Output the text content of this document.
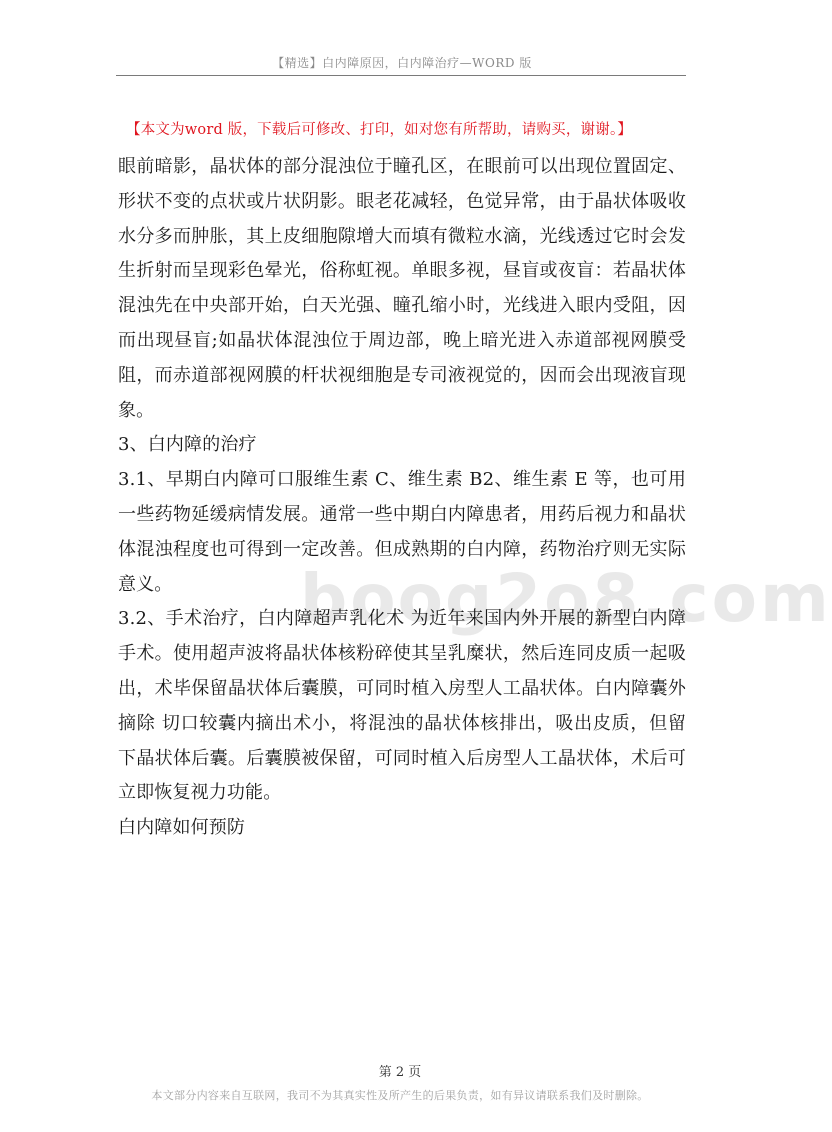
【精选】白内障原因，白内障治疗—WORD 版
【本文为word 版，下载后可修改、打印，如对您有所帮助，请购买，谢谢。】
boog2o8.com

眼前暗影，晶状体的部分混浊位于瞳孔区，在眼前可以出现位置固定、形状不变的点状或片状阴影。眼老花减轻，色觉异常，由于晶状体吸收水分多而肿胀，其上皮细胞隙增大而填有微粒水滴，光线透过它时会发生折射而呈现彩色晕光，俗称虹视。单眼多视，昼盲或夜盲：若晶状体混浊先在中央部开始，白天光强、瞳孔缩小时，光线进入眼内受阻，因而出现昼盲;如晶状体混浊位于周边部，晚上暗光进入赤道部视网膜受阻，而赤道部视网膜的杆状视细胞是专司液视觉的，因而会出现液盲现象。

3、白内障的治疗

3.1、早期白内障可口服维生素 C、维生素 B2、维生素 E 等，也可用一些药物延缓病情发展。通常一些中期白内障患者，用药后视力和晶状体混浊程度也可得到一定改善。但成熟期的白内障，药物治疗则无实际意义。

3.2、手术治疗，白内障超声乳化术 为近年来国内外开展的新型白内障手术。使用超声波将晶状体核粉碎使其呈乳糜状，然后连同皮质一起吸出，术毕保留晶状体后囊膜，可同时植入房型人工晶状体。白内障囊外摘除 切口较囊内摘出术小，将混浊的晶状体核排出，吸出皮质，但留下晶状体后囊。后囊膜被保留，可同时植入后房型人工晶状体，术后可立即恢复视力功能。

白内障如何预防

第 2 页
本文部分内容来自互联网，我司不为其真实性及所产生的后果负责，如有异议请联系我们及时删除。
